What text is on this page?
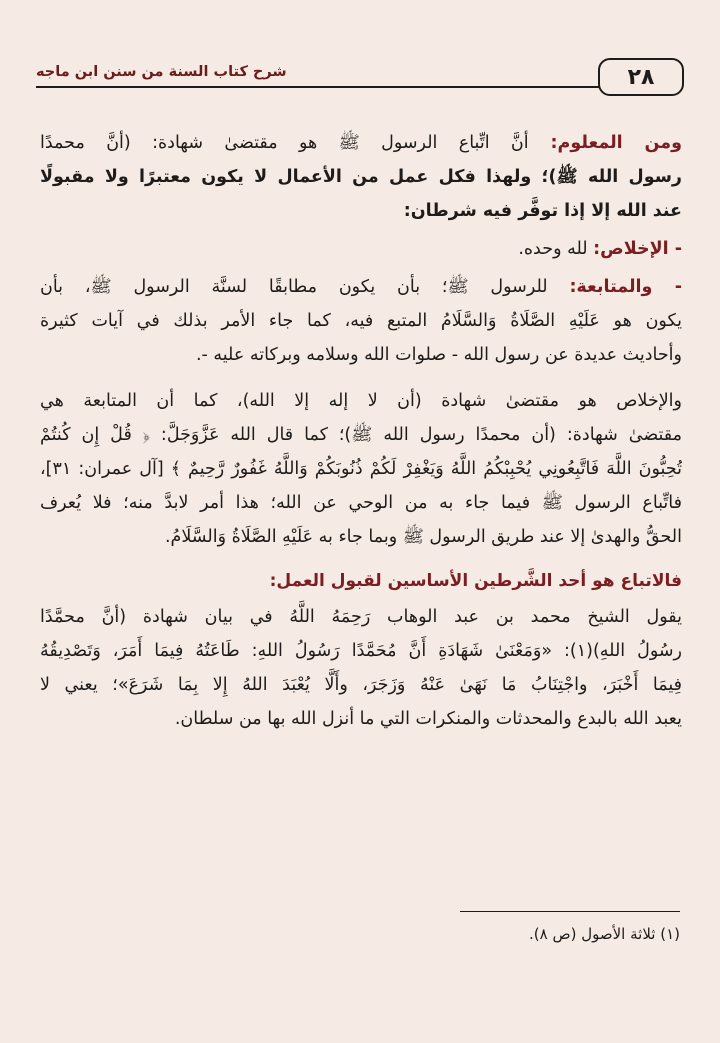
شرح كتاب السنة من سنن ابن ماجه	٢٨
ومن المعلوم: أنَّ اتِّباع الرسول ﷺ هو مقتضىٰ شهادة: (أنَّ محمدًا
رسول الله ﷺ)؛ ولهذا فكل عمل من الأعمال لا يكون معتبرًا ولا مقبولًا
عند الله إلا إذا توفَّر فيه شرطان:
- الإخلاص: لله وحده.
- والمتابعة: للرسول ﷺ؛ بأن يكون مطابقًا لسنَّة الرسول ﷺ، بأن
يكون هو عَلَيْهِ الصَّلَاةُ وَالسَّلَامُ المتبع فيه، كما جاء الأمر بذلك في آيات كثيرة
وأحاديث عديدة عن رسول الله - صلوات الله وسلامه وبركاته عليه -.
والإخلاص هو مقتضىٰ شهادة (أن لا إله إلا الله)، كما أن المتابعة هي
مقتضىٰ شهادة: (أن محمدًا رسول الله ﷺ)؛ كما قال الله عَزَّوَجَلَّ: ﴿ قُلْ إِن كُنتُمْ
تُحِبُّونَ اللَّهَ فَاتَّبِعُونِي يُحْبِبْكُمُ اللَّهُ وَيَغْفِرْ لَكُمْ ذُنُوبَكُمْ وَاللَّهُ غَفُورٌ رَّحِيمٌ ﴾ [آل عمران: ٣١]،
فاتِّباع الرسول ﷺ فيما جاء به من الوحي عن الله؛ هذا أمر لابدَّ منه؛ فلا يُعرف
الحقُّ والهدىٰ إلا عند طريق الرسول ﷺ وبما جاء به عَلَيْهِ الصَّلَاةُ وَالسَّلَامُ.
فالاتباع هو أحد الشَّرطين الأساسين لقبول العمل:
يقول الشيخ محمد بن عبد الوهاب رَحِمَهُ اللَّهُ في بيان شهادة (أنَّ محمَّدًا
رسُولُ اللهِ)(١): «وَمَعْنَىٰ شَهَادَةِ أَنَّ مُحَمَّدًا رَسُولُ اللهِ: طَاعَتُهُ فِيمَا أَمَرَ، وَتَصْدِيقُهُ
فِيمَا أَخْبَرَ، واجْتِنَابُ مَا نَهَىٰ عَنْهُ وَزَجَرَ، وأَلَّا يُعْبَدَ اللهُ إِلا بِمَا شَرَعَ»؛ يعني لا
يعبد الله بالبدع والمحدثات والمنكرات التي ما أنزل الله بها من سلطان.
(١) ثلاثة الأصول (ص ٨).
